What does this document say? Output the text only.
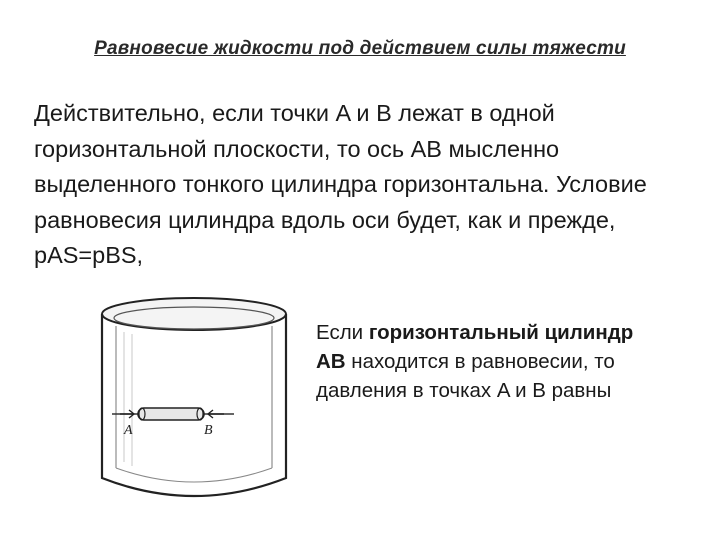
Равновесие жидкости под действием силы тяжести
Действительно, если точки A и B лежат в одной горизонтальной плоскости, то ось AB мысленно выделенного тонкого цилиндра горизонтальна. Условие равновесия цилиндра вдоль оси будет, как и прежде, pAS=pBS,
A	B
Если горизонтальный цилиндр AB находится в равновесии, то давления в точках A и B равны
